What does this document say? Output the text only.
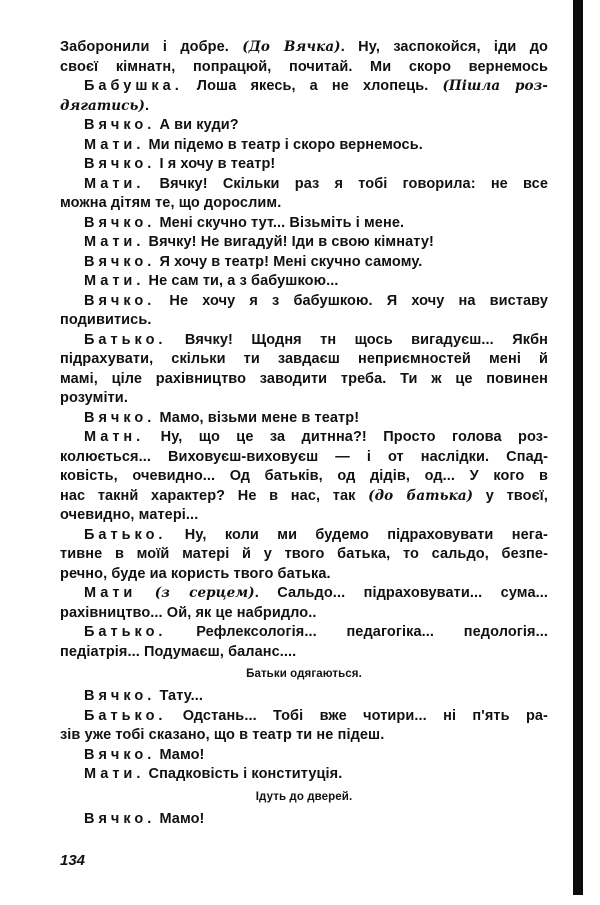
Заборонили і добре. (До Вячка). Ну, заспокойся, іди до
своєї кімнатн, попрацюй, почитай. Ми скоро вернемось
Бабушка. Лоша якесь, а не хлопець. (Пішла роз-
дягатись).
Вячко. А ви куди?
Мати. Ми підемо в театр і скоро вернемось.
Вячко. І я хочу в театр!
Мати. Вячку! Скільки раз я тобі говорила: не все
можна дітям те, що дорослим.
Вячко. Мені скучно тут... Візьміть і мене.
Мати. Вячку! Не вигадуй! Іди в свою кімнату!
Вячко. Я хочу в театр! Мені скучно самому.
Мати. Не сам ти, а з бабушкою...
Вячко. Не хочу я з бабушкою. Я хочу на виставу
подивитись.
Батько. Вячку! Щодня тн щось вигадуєш... Якбн
підрахувати, скільки ти завдаєш неприємностей мені й
мамі, ціле рахівництво заводити треба. Ти ж це повинен
розуміти.
Вячко. Мамо, візьми мене в театр!
Матн. Ну, що це за дитнна?! Просто голова роз-
колюється... Виховуєш-виховуєш — і от наслідки. Спад-
ковість, очевидно... Од батьків, од дідів, од... У кого в
нас такнй характер? Не в нас, так (до батька) у твоєї,
очевидно, матері...
Батько. Ну, коли ми будемо підраховувати нега-
тивне в моїй матері й у твого батька, то сальдо, безпе-
речно, буде иа користь твого батька.
Мати (з серцем). Сальдо... підраховувати... сума...
рахівництво... Ой, як це набридло..
Батько. Рефлексологія... педагогіка... педологія...
педіатрія... Подумаєш, баланс....
Батьки одягаються.
Вячко. Тату...
Батько. Одстань... Тобі вже чотири... ні п'ять ра-
зів уже тобі сказано, що в театр ти не підеш.
Вячко. Мамо!
Мати. Спадковість і конституція.
Ідуть до дверей.
Вячко. Мамо!
134
